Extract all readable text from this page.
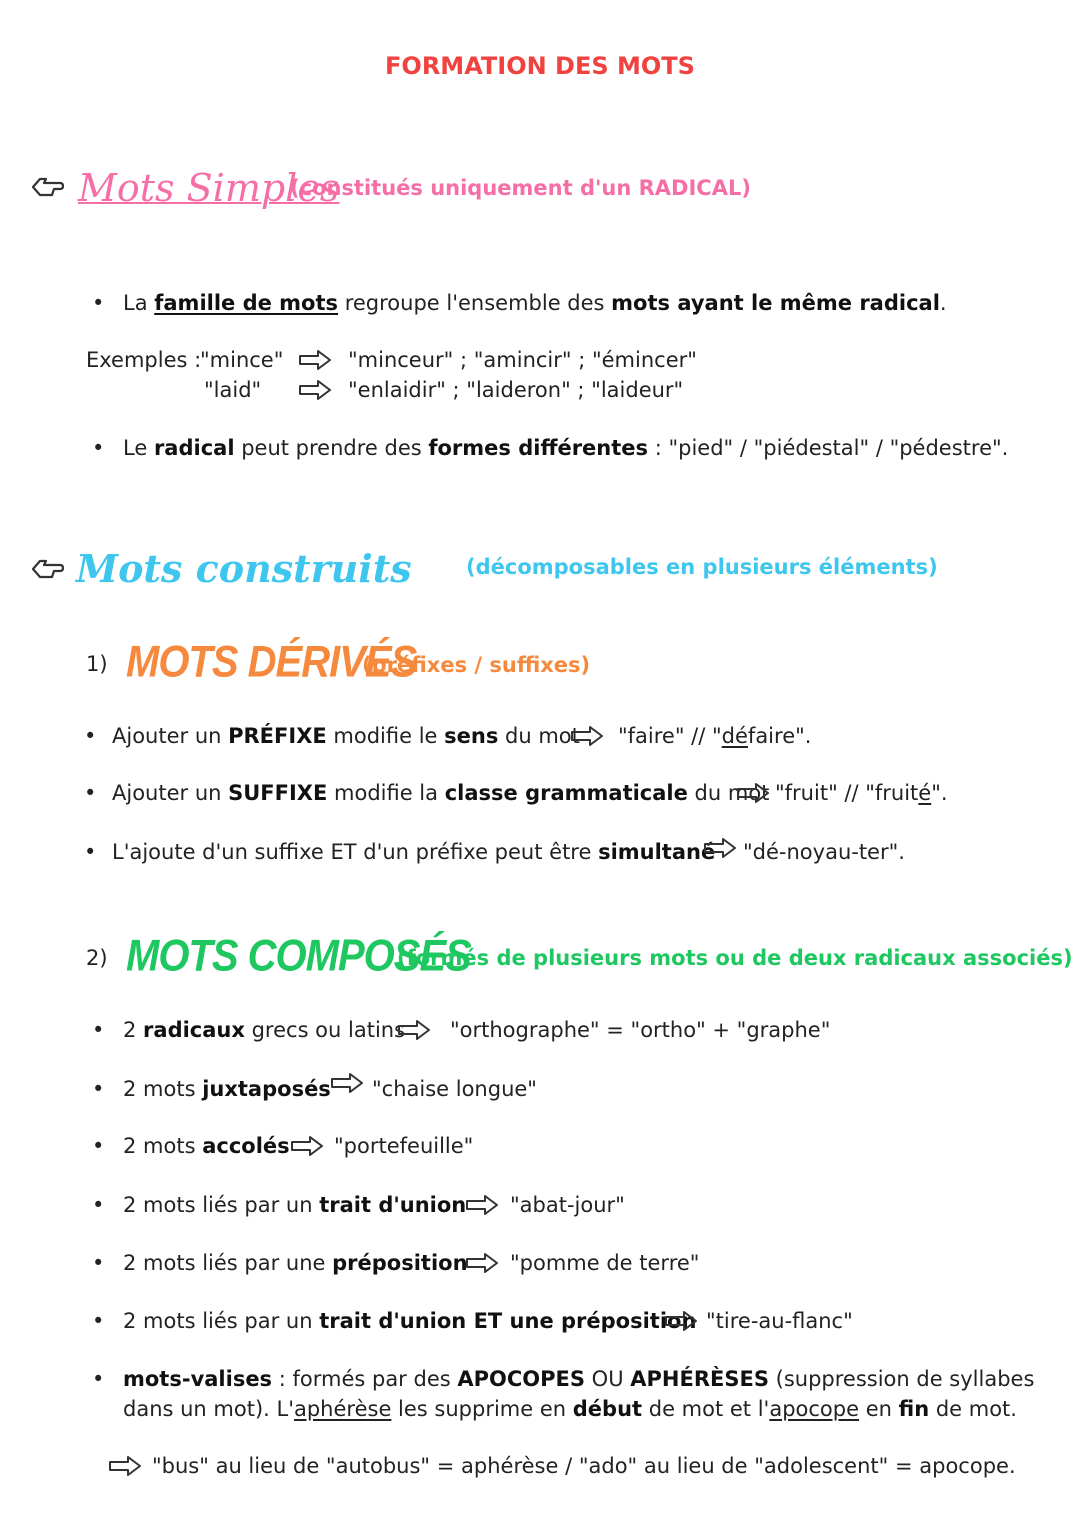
FORMATION DES MOTS
Mots Simples
(constitués uniquement d'un RADICAL)
• La famille de mots regroupe l'ensemble des mots ayant le même radical.
Exemples :
"mince"	"minceur" ; "amincir" ; "émincer"
"laid"	"enlaidir" ; "laideron" ; "laideur"
• Le radical peut prendre des formes différentes : "pied" / "piédestal" / "pédestre".
Mots construits	(décomposables en plusieurs éléments)
1) MOTS DÉRIVÉS
(préfixes / suffixes)
• Ajouter un PRÉFIXE modifie le sens du mot "faire" // "défaire".
• Ajouter un SUFFIXE modifie la classe grammaticale du mot "fruit" // "fruité".
• L'ajoute d'un suffixe ET d'un préfixe peut être simultané "dé-noyau-ter".
2) MOTS COMPOSÉS
(formés de plusieurs mots ou de deux radicaux associés)
• 2 radicaux grecs ou latins "orthographe" = "ortho" + "graphe"
• 2 mots juxtaposés "chaise longue"
• 2 mots accolés "portefeuille"
• 2 mots liés par un trait d'union "abat-jour"
• 2 mots liés par une préposition "pomme de terre"
• 2 mots liés par un trait d'union ET une préposition "tire-au-flanc"
• mots-valises : formés par des APOCOPES OU APHÉRÈSES (suppression de syllabes
dans un mot). L'aphérèse les supprime en début de mot et l'apocope en fin de mot.
"bus" au lieu de "autobus" = aphérèse / "ado" au lieu de "adolescent" = apocope.
